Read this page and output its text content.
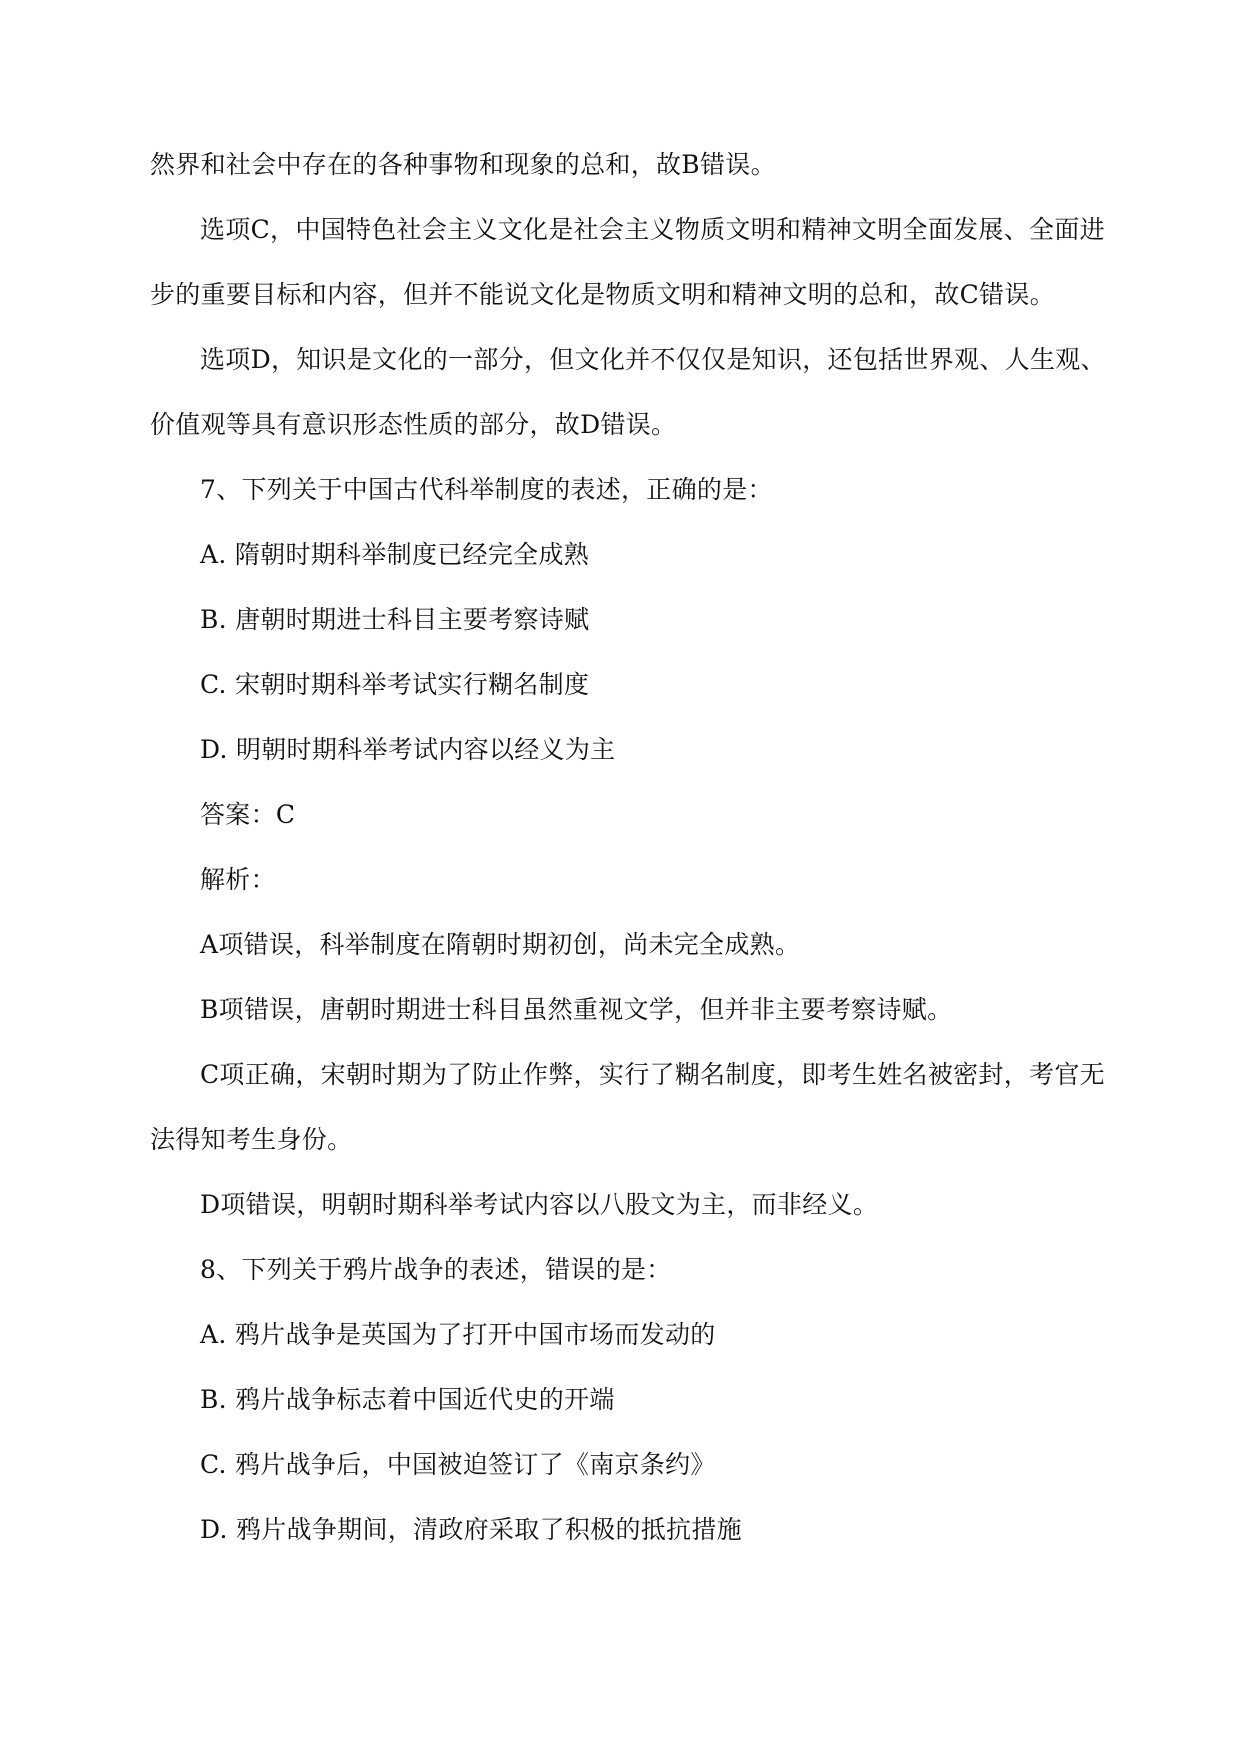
然界和社会中存在的各种事物和现象的总和，故B错误。
选项C，中国特色社会主义文化是社会主义物质文明和精神文明全面发展、全面进
步的重要目标和内容，但并不能说文化是物质文明和精神文明的总和，故C错误。
选项D，知识是文化的一部分，但文化并不仅仅是知识，还包括世界观、人生观、
价值观等具有意识形态性质的部分，故D错误。
7、下列关于中国古代科举制度的表述，正确的是：
A. 隋朝时期科举制度已经完全成熟
B. 唐朝时期进士科目主要考察诗赋
C. 宋朝时期科举考试实行糊名制度
D. 明朝时期科举考试内容以经义为主
答案：C
解析：
A项错误，科举制度在隋朝时期初创，尚未完全成熟。
B项错误，唐朝时期进士科目虽然重视文学，但并非主要考察诗赋。
C项正确，宋朝时期为了防止作弊，实行了糊名制度，即考生姓名被密封，考官无
法得知考生身份。
D项错误，明朝时期科举考试内容以八股文为主，而非经义。
8、下列关于鸦片战争的表述，错误的是：
A. 鸦片战争是英国为了打开中国市场而发动的
B. 鸦片战争标志着中国近代史的开端
C. 鸦片战争后，中国被迫签订了《南京条约》
D. 鸦片战争期间，清政府采取了积极的抵抗措施
